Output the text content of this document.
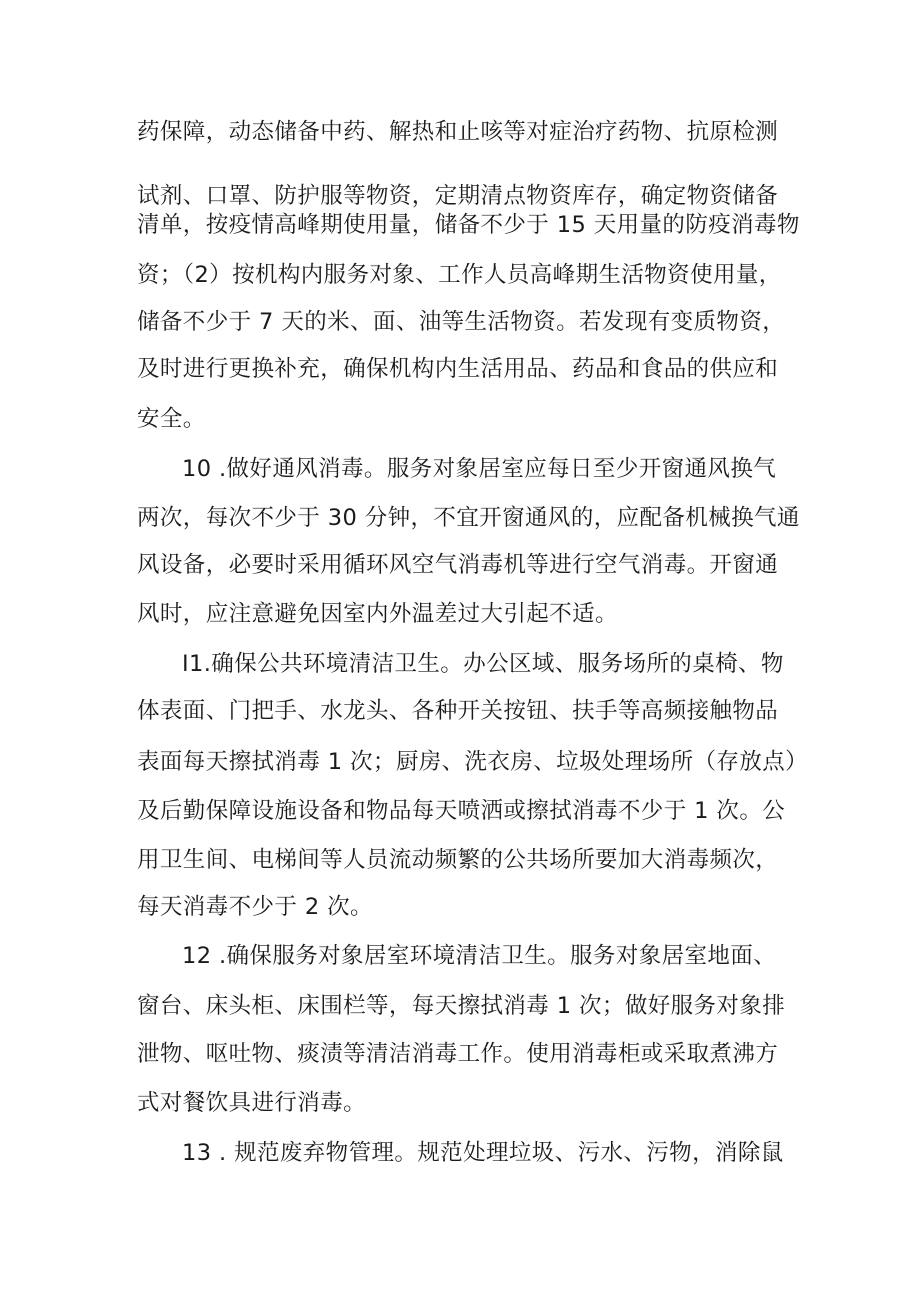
药保障，动态储备中药、解热和止咳等对症治疗药物、抗原检测
试剂、口罩、防护服等物资，定期清点物资库存，确定物资储备
清单，按疫情高峰期使用量，储备不少于 15 天用量的防疫消毒物
资；（2）按机构内服务对象、工作人员高峰期生活物资使用量，
储备不少于 7 天的米、面、油等生活物资。若发现有变质物资，
及时进行更换补充，确保机构内生活用品、药品和食品的供应和
安全。
10 .做好通风消毒。服务对象居室应每日至少开窗通风换气
两次，每次不少于 30 分钟，不宜开窗通风的，应配备机械换气通
风设备，必要时采用循环风空气消毒机等进行空气消毒。开窗通
风时，应注意避免因室内外温差过大引起不适。
I1.确保公共环境清洁卫生。办公区域、服务场所的桌椅、物
体表面、门把手、水龙头、各种开关按钮、扶手等高频接触物品
表面每天擦拭消毒 1 次；厨房、洗衣房、垃圾处理场所（存放点）
及后勤保障设施设备和物品每天喷洒或擦拭消毒不少于 1 次。公
用卫生间、电梯间等人员流动频繁的公共场所要加大消毒频次，
每天消毒不少于 2 次。
12 .确保服务对象居室环境清洁卫生。服务对象居室地面、
窗台、床头柜、床围栏等，每天擦拭消毒 1 次；做好服务对象排
泄物、呕吐物、痰渍等清洁消毒工作。使用消毒柜或采取煮沸方
式对餐饮具进行消毒。
13 . 规范废弃物管理。规范处理垃圾、污水、污物，消除鼠
